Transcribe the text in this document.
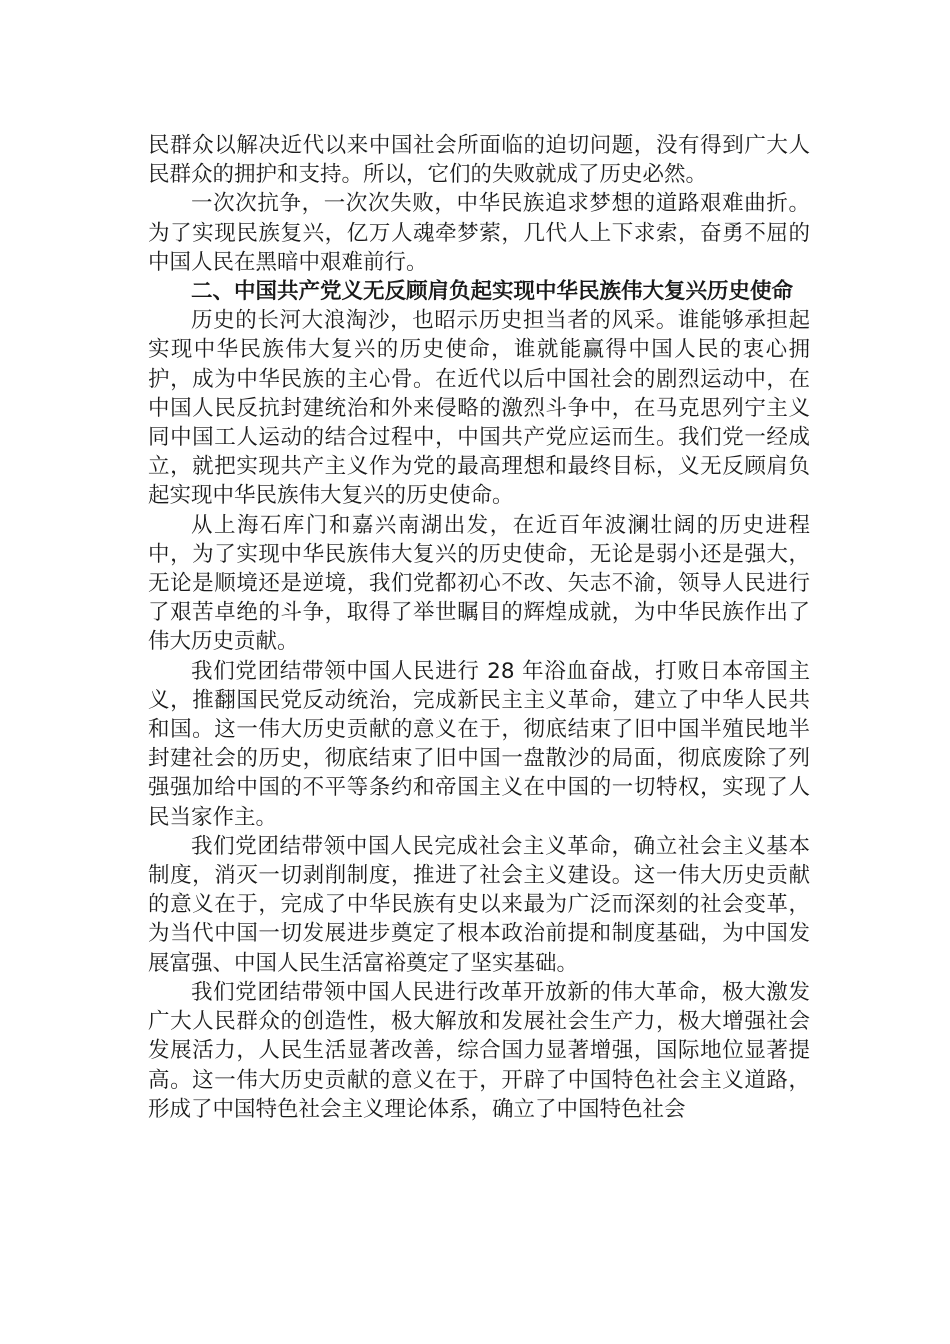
民群众以解决近代以来中国社会所面临的迫切问题，没有得到广大人民群众的拥护和支持。所以，它们的失败就成了历史必然。

一次次抗争，一次次失败，中华民族追求梦想的道路艰难曲折。为了实现民族复兴，亿万人魂牵梦萦，几代人上下求索，奋勇不屈的中国人民在黑暗中艰难前行。

二、中国共产党义无反顾肩负起实现中华民族伟大复兴历史使命

历史的长河大浪淘沙，也昭示历史担当者的风采。谁能够承担起实现中华民族伟大复兴的历史使命，谁就能赢得中国人民的衷心拥护，成为中华民族的主心骨。在近代以后中国社会的剧烈运动中，在中国人民反抗封建统治和外来侵略的激烈斗争中，在马克思列宁主义同中国工人运动的结合过程中，中国共产党应运而生。我们党一经成立，就把实现共产主义作为党的最高理想和最终目标，义无反顾肩负起实现中华民族伟大复兴的历史使命。

从上海石库门和嘉兴南湖出发，在近百年波澜壮阔的历史进程中，为了实现中华民族伟大复兴的历史使命，无论是弱小还是强大，无论是顺境还是逆境，我们党都初心不改、矢志不渝，领导人民进行了艰苦卓绝的斗争，取得了举世瞩目的辉煌成就，为中华民族作出了伟大历史贡献。

我们党团结带领中国人民进行 28 年浴血奋战，打败日本帝国主义，推翻国民党反动统治，完成新民主主义革命，建立了中华人民共和国。这一伟大历史贡献的意义在于，彻底结束了旧中国半殖民地半封建社会的历史，彻底结束了旧中国一盘散沙的局面，彻底废除了列强强加给中国的不平等条约和帝国主义在中国的一切特权，实现了人民当家作主。

我们党团结带领中国人民完成社会主义革命，确立社会主义基本制度，消灭一切剥削制度，推进了社会主义建设。这一伟大历史贡献的意义在于，完成了中华民族有史以来最为广泛而深刻的社会变革，为当代中国一切发展进步奠定了根本政治前提和制度基础，为中国发展富强、中国人民生活富裕奠定了坚实基础。

我们党团结带领中国人民进行改革开放新的伟大革命，极大激发广大人民群众的创造性，极大解放和发展社会生产力，极大增强社会发展活力，人民生活显著改善，综合国力显著增强，国际地位显著提高。这一伟大历史贡献的意义在于，开辟了中国特色社会主义道路，形成了中国特色社会主义理论体系，确立了中国特色社会
